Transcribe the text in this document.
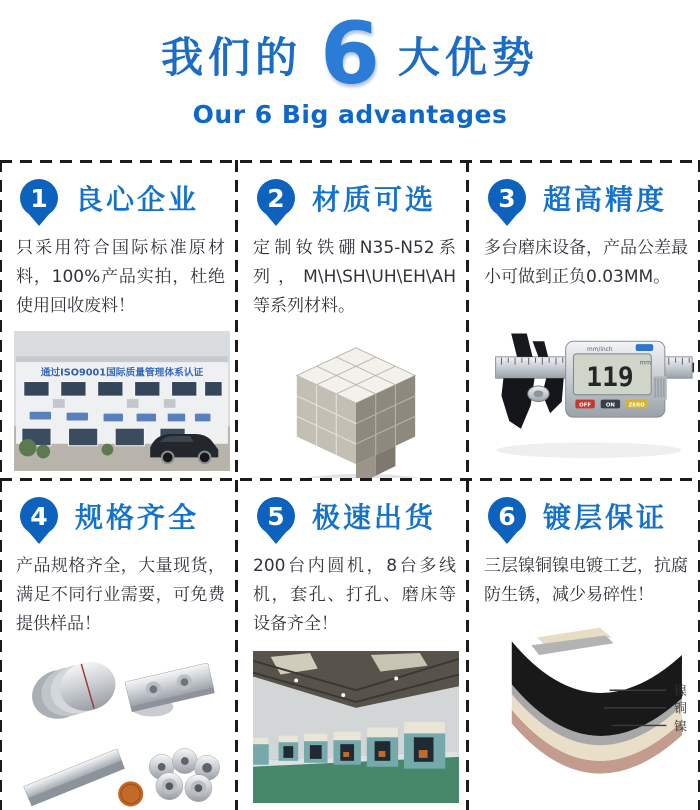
我们的 6 大优势
Our 6 Big advantages
1 良心企业

只采用符合国际标准原材料，100%产品实拍，杜绝使用回收废料！

通过ISO9001国际质量管理体系认证
2 材质可选

定制钕铁硼N35-N52系列，M\H\SH\UH\EH\AH等系列材料。

3 超高精度

多台磨床设备，产品公差最小可做到正负0.03MM。

mm/inch
119 mm
OFF	ON ZERO
4 规格齐全

产品规格齐全，大量现货，满足不同行业需要，可免费提供样品！

5 极速出货

200台内圆机，8台多线机，套孔、打孔、磨床等设备齐全！

6 镀层保证

三层镍铜镍电镀工艺，抗腐防生锈，减少易碎性！

镍
铜
镍
